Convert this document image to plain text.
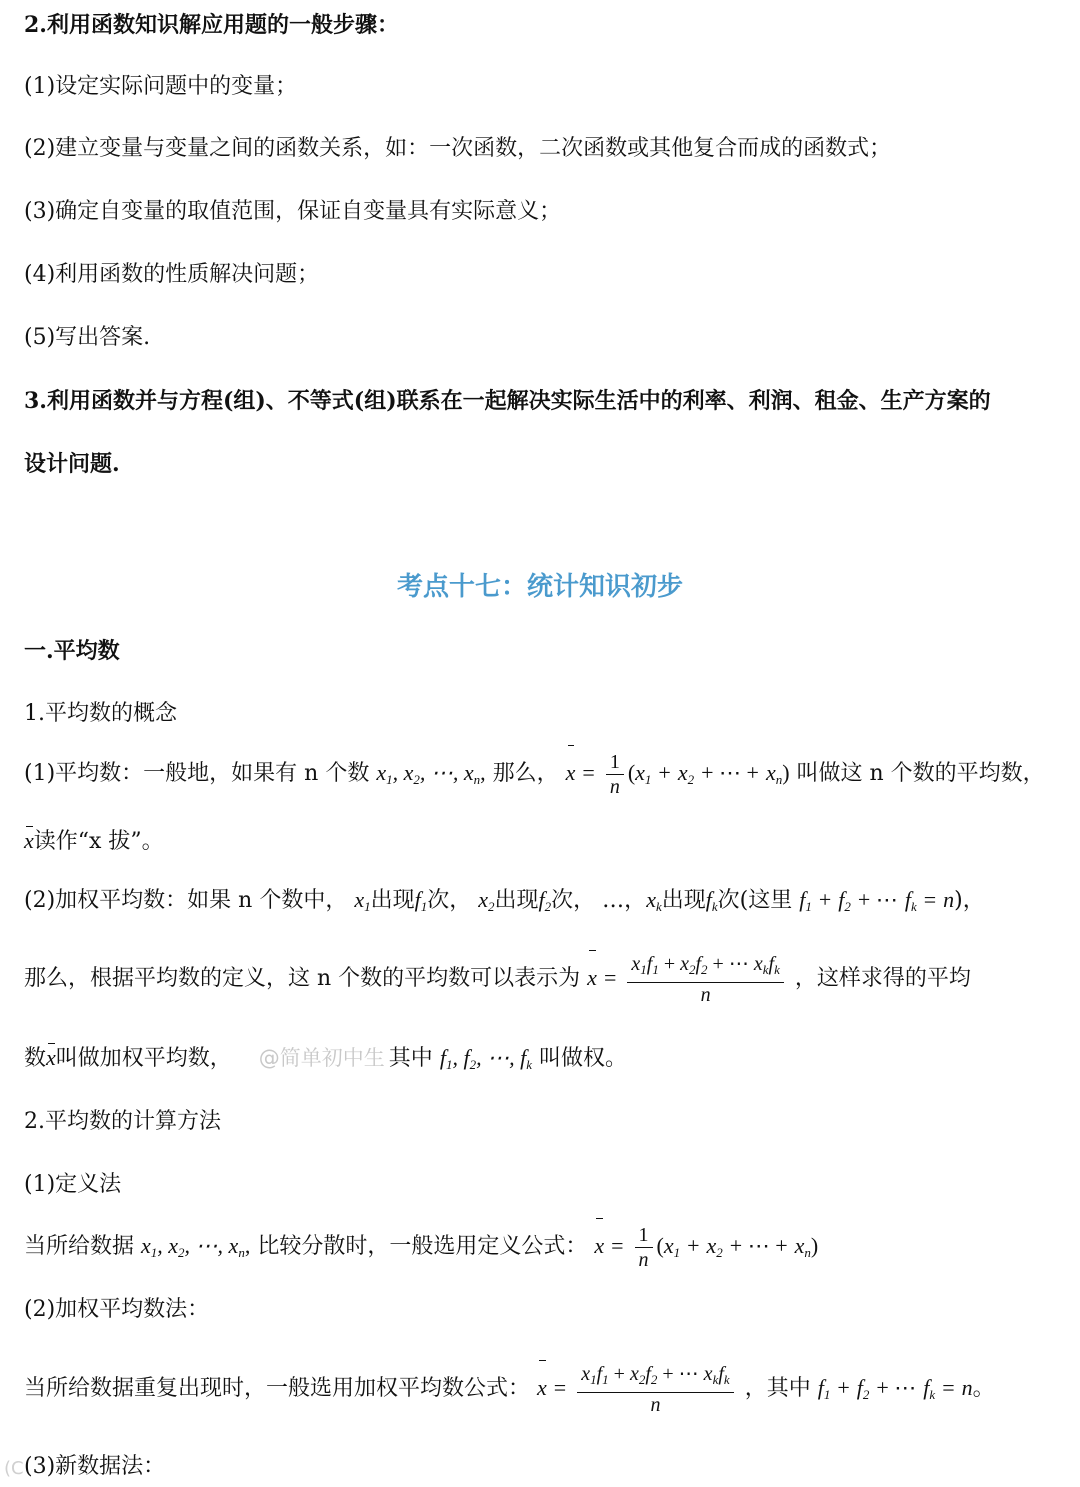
2.利用函数知识解应用题的一般步骤：
(1)设定实际问题中的变量；
(2)建立变量与变量之间的函数关系，如：一次函数，二次函数或其他复合而成的函数式；
(3)确定自变量的取值范围，保证自变量具有实际意义；
(4)利用函数的性质解决问题；
(5)写出答案.
3.利用函数并与方程(组)、不等式(组)联系在一起解决实际生活中的利率、利润、租金、生产方案的
设计问题.
考点十七：统计知识初步
一.平均数
1.平均数的概念
(1)平均数：一般地，如果有 n 个数 $x_1$, $x_2$, ⋯, $x_n$, 那么， $x = \frac{1}{n} (x_1 + x_2$ + ⋯ + $x_n$) 叫做这 n 个数的平均数，
x读作“x 拔”。
(2)加权平均数：如果 n 个数中， $x_1$出现$f_1$次， $x_2$出现$f_2$次， …，$x_k$出现$f_k$次(这里 $f_1 + f_2$ + ⋯ $f_k = n$)，
那么，根据平均数的定义，这 n 个数的平均数可以表示为 $x = \frac{x_1f_1 + x_2f_2 + \cdots x_kf_k}{n}$ ，这样求得的平均
数x叫做加权平均数， @简单初中生 其中 $f_1$, $f_2$, ⋯, $f_k$ 叫做权。
2.平均数的计算方法
(1)定义法
当所给数据 $x_1$, $x_2$, ⋯, $x_n$, 比较分散时，一般选用定义公式： $x = \frac{1}{n} (x_1 + x_2$ + ⋯ + $x_n$)
(2)加权平均数法：
当所给数据重复出现时，一般选用加权平均数公式： $x = \frac{x_1f_1 + x_2f_2 + \cdots x_kf_k}{n}$ ，其中 $f_1 + f_2$ + ⋯ $f_k = n$。
(3)新数据法：
(C
